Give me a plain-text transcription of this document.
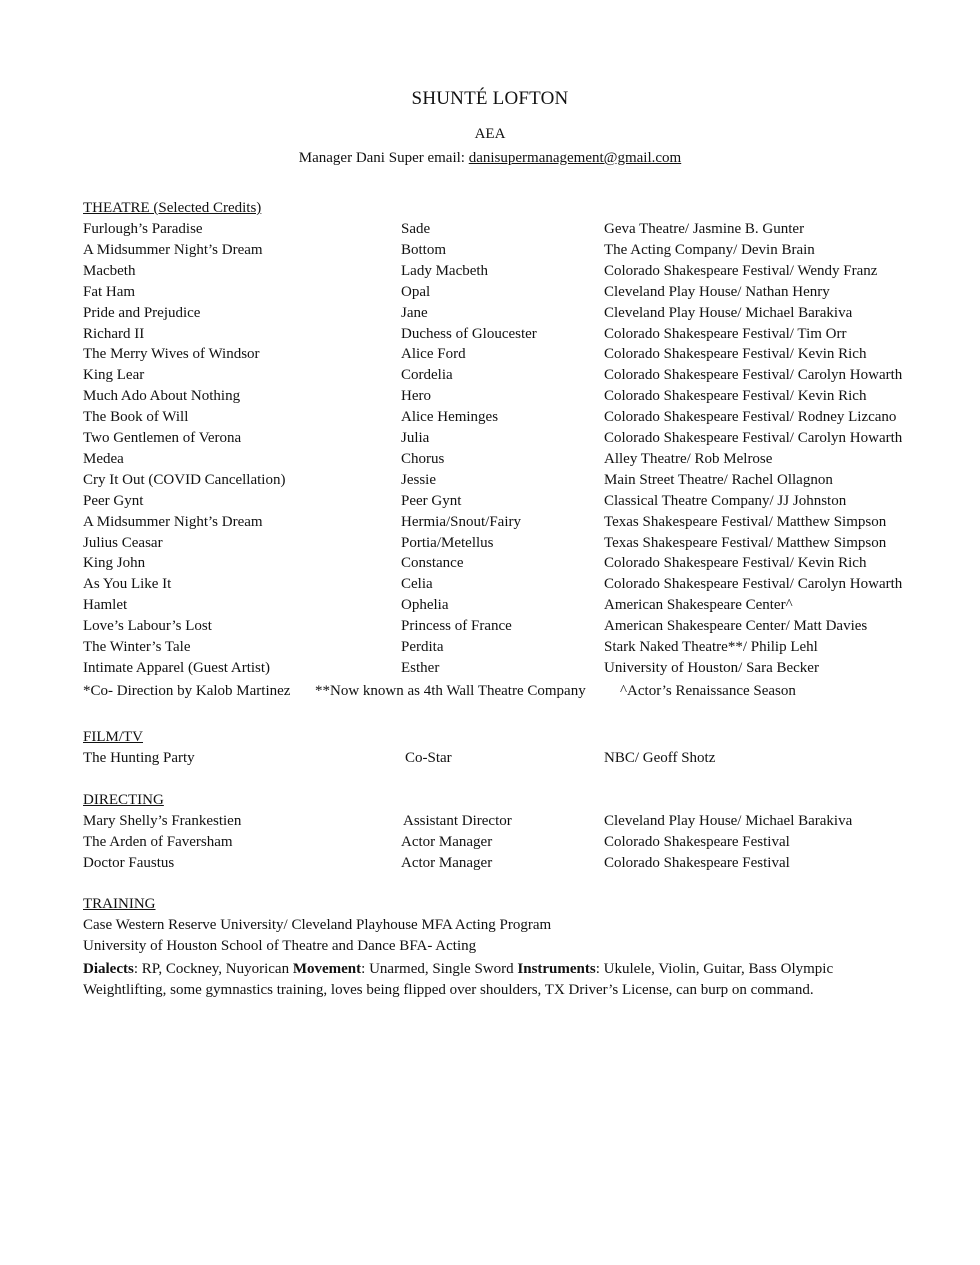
SHUNTÉ LOFTON
AEA
Manager Dani Super email: danisupermanagement@gmail.com
THEATRE (Selected Credits)
Furlough’s Paradise	Sade	Geva Theatre/ Jasmine B. Gunter
A Midsummer Night’s Dream	Bottom	The Acting Company/ Devin Brain
Macbeth	Lady Macbeth	Colorado Shakespeare Festival/ Wendy Franz
Fat Ham	Opal	Cleveland Play House/ Nathan Henry
Pride and Prejudice	Jane	Cleveland Play House/ Michael Barakiva
Richard II	Duchess of Gloucester	Colorado Shakespeare Festival/ Tim Orr
The Merry Wives of Windsor	Alice Ford	Colorado Shakespeare Festival/ Kevin Rich
King Lear	Cordelia	Colorado Shakespeare Festival/ Carolyn Howarth
Much Ado About Nothing	Hero	Colorado Shakespeare Festival/ Kevin Rich
The Book of Will	Alice Heminges	Colorado Shakespeare Festival/ Rodney Lizcano
Two Gentlemen of Verona	Julia	Colorado Shakespeare Festival/ Carolyn Howarth
Medea	Chorus	Alley Theatre/ Rob Melrose
Cry It Out (COVID Cancellation)	Jessie	Main Street Theatre/ Rachel Ollagnon
Peer Gynt	Peer Gynt	Classical Theatre Company/ JJ Johnston
A Midsummer Night’s Dream	Hermia/Snout/Fairy	Texas Shakespeare Festival/ Matthew Simpson
Julius Ceasar	Portia/Metellus	Texas Shakespeare Festival/ Matthew Simpson
King John	Constance	Colorado Shakespeare Festival/ Kevin Rich
As You Like It	Celia	Colorado Shakespeare Festival/ Carolyn Howarth
Hamlet	Ophelia	American Shakespeare Center^
Love’s Labour’s Lost	Princess of France	American Shakespeare Center/ Matt Davies
The Winter’s Tale	Perdita	Stark Naked Theatre**/ Philip Lehl
Intimate Apparel (Guest Artist)	Esther	University of Houston/ Sara Becker
*Co- Direction by Kalob Martinez **Now known as 4th Wall Theatre Company ^Actor’s Renaissance Season
FILM/TV
The Hunting Party	Co-Star	NBC/ Geoff Shotz
DIRECTING
Mary Shelly’s Frankestien	Assistant Director	Cleveland Play House/ Michael Barakiva
The Arden of Faversham	Actor Manager	Colorado Shakespeare Festival
Doctor Faustus	Actor Manager	Colorado Shakespeare Festival
TRAINING
Case Western Reserve University/ Cleveland Playhouse MFA Acting Program
University of Houston School of Theatre and Dance BFA- Acting
Dialects: RP, Cockney, Nuyorican Movement: Unarmed, Single Sword Instruments: Ukulele, Violin, Guitar, Bass Olympic Weightlifting, some gymnastics training, loves being flipped over shoulders, TX Driver’s License, can burp on command.
